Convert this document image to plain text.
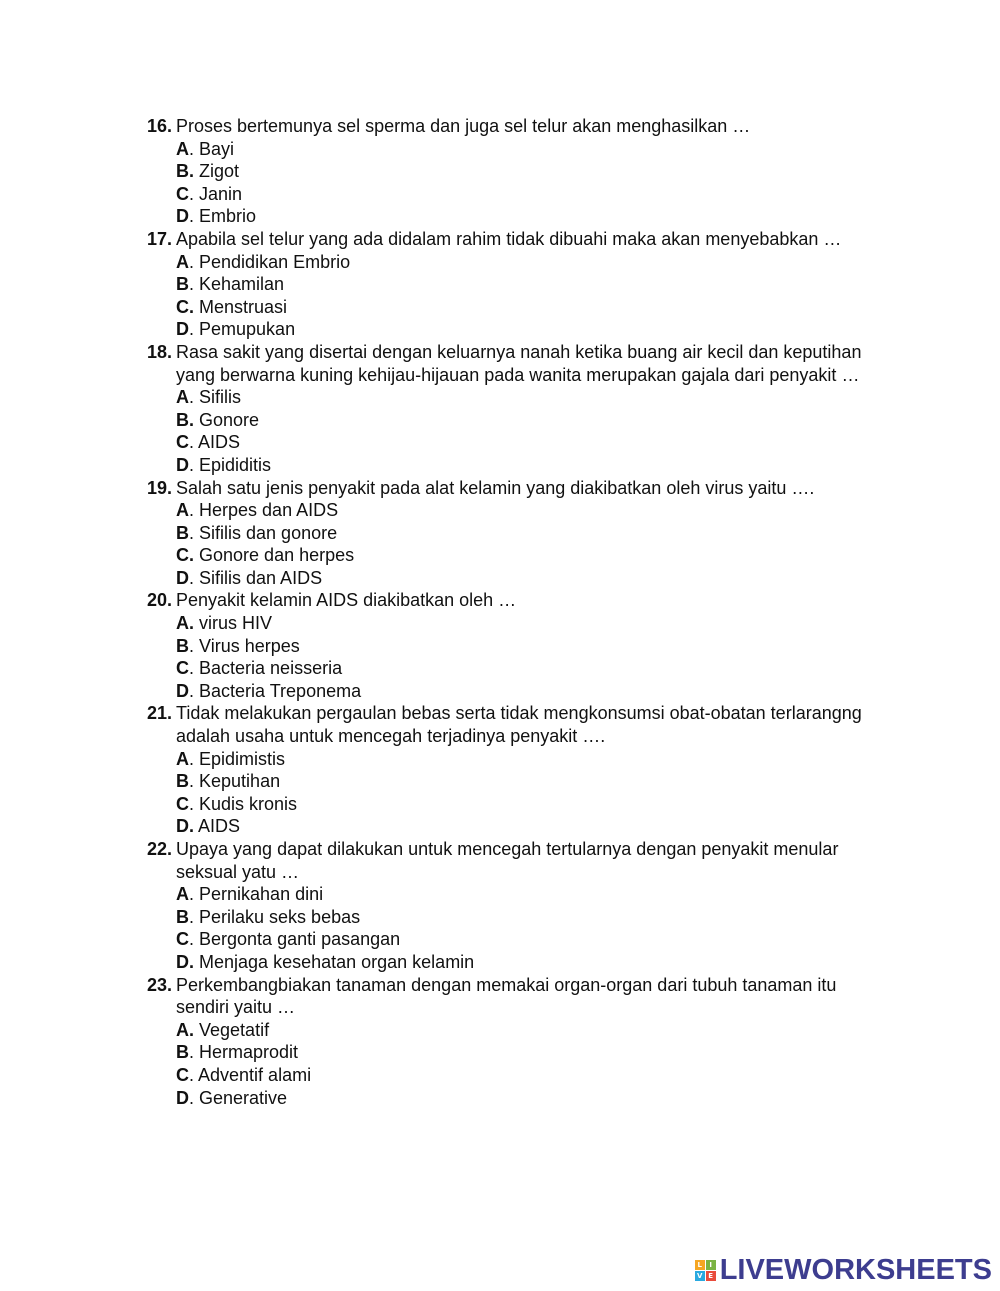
16. Proses bertemunya sel sperma dan juga sel telur akan menghasilkan …
A. Bayi
B. Zigot
C. Janin
D. Embrio
17. Apabila sel telur yang ada didalam rahim tidak dibuahi maka akan menyebabkan …
A. Pendidikan Embrio
B. Kehamilan
C. Menstruasi
D. Pemupukan
18. Rasa sakit yang disertai dengan keluarnya nanah ketika buang air kecil dan keputihan yang berwarna kuning kehijau-hijauan pada wanita merupakan gajala dari penyakit …
A. Sifilis
B. Gonore
C. AIDS
D. Epididitis
19. Salah satu jenis penyakit pada alat kelamin yang diakibatkan oleh virus yaitu ….
A. Herpes dan AIDS
B. Sifilis dan gonore
C. Gonore dan herpes
D. Sifilis dan AIDS
20. Penyakit kelamin AIDS diakibatkan oleh …
A. virus HIV
B. Virus herpes
C. Bacteria neisseria
D. Bacteria Treponema
21. Tidak melakukan pergaulan bebas serta tidak mengkonsumsi obat-obatan terlarangng adalah usaha untuk mencegah terjadinya penyakit ….
A. Epidimistis
B. Keputihan
C. Kudis kronis
D. AIDS
22. Upaya yang dapat dilakukan untuk mencegah tertularnya dengan penyakit menular seksual yatu …
A. Pernikahan dini
B. Perilaku seks bebas
C. Bergonta ganti pasangan
D. Menjaga kesehatan organ kelamin
23. Perkembangbiakan tanaman dengan memakai organ-organ dari tubuh tanaman itu sendiri yaitu …
A. Vegetatif
B. Hermaprodit
C. Adventif alami
D. Generative
L	I
V E LIVEWORKSHEETS
